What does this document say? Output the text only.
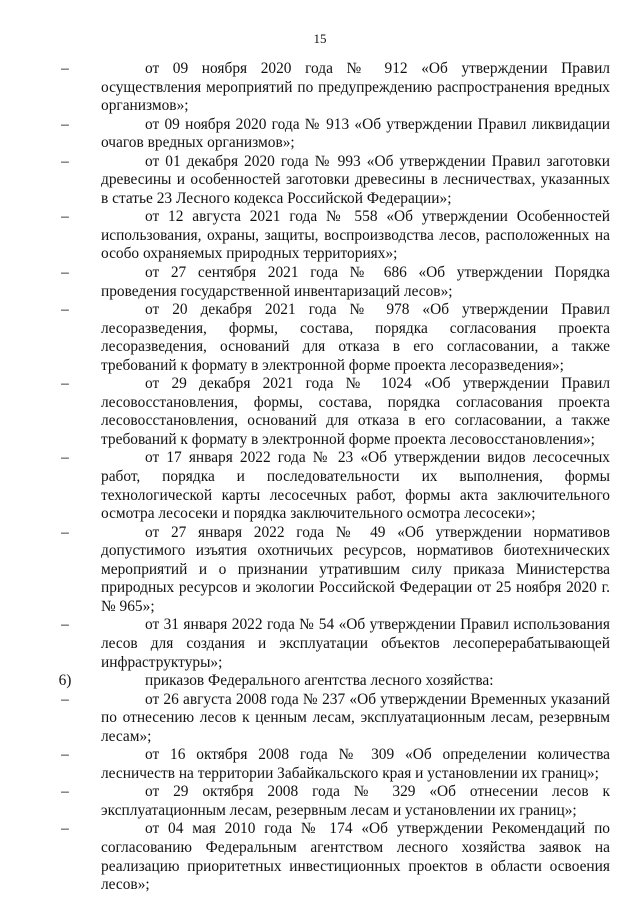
15

–	от 09 ноября 2020 года № 912 «Об утверждении Правил осуществления мероприятий по предупреждению распространения вредных организмов»;

–	от 09 ноября 2020 года № 913 «Об утверждении Правил ликвидации очагов вредных организмов»;

–	от 01 декабря 2020 года № 993 «Об утверждении Правил заготовки древесины и особенностей заготовки древесины в лесничествах, указанных в статье 23 Лесного кодекса Российской Федерации»;

–	от 12 августа 2021 года № 558 «Об утверждении Особенностей использования, охраны, защиты, воспроизводства лесов, расположенных на особо охраняемых природных территориях»;

–	от 27 сентября 2021 года № 686 «Об утверждении Порядка проведения государственной инвентаризаций лесов»;

–	от 20 декабря 2021 года № 978 «Об утверждении Правил лесоразведения, формы, состава, порядка согласования проекта лесоразведения, оснований для отказа в его согласовании, а также требований к формату в электронной форме проекта лесоразведения»;

–	от 29 декабря 2021 года № 1024 «Об утверждении Правил лесовосстановления, формы, состава, порядка согласования проекта лесовосстановления, оснований для отказа в его согласовании, а также требований к формату в электронной форме проекта лесовосстановления»;

–	от 17 января 2022 года № 23 «Об утверждении видов лесосечных работ, порядка и последовательности их выполнения, формы технологической карты лесосечных работ, формы акта заключительного осмотра лесосеки и порядка заключительного осмотра лесосеки»;

–	от 27 января 2022 года № 49 «Об утверждении нормативов допустимого изъятия охотничьих ресурсов, нормативов биотехнических мероприятий и о признании утратившим силу приказа Министерства природных ресурсов и экологии Российской Федерации от 25 ноября 2020 г. № 965»;

–	от 31 января 2022 года № 54 «Об утверждении Правил использования лесов для создания и эксплуатации объектов лесоперерабатывающей инфраструктуры»;

6)	приказов Федерального агентства лесного хозяйства:

–	от 26 августа 2008 года № 237 «Об утверждении Временных указаний по отнесению лесов к ценным лесам, эксплуатационным лесам, резервным лесам»;

–	от 16 октября 2008 года № 309 «Об определении количества лесничеств на территории Забайкальского края и установлении их границ»;

–	от 29 октября 2008 года № 329 «Об отнесении лесов к эксплуатационным лесам, резервным лесам и установлении их границ»;

–	от 04 мая 2010 года № 174 «Об утверждении Рекомендаций по согласованию Федеральным агентством лесного хозяйства заявок на реализацию приоритетных инвестиционных проектов в области освоения лесов»;
